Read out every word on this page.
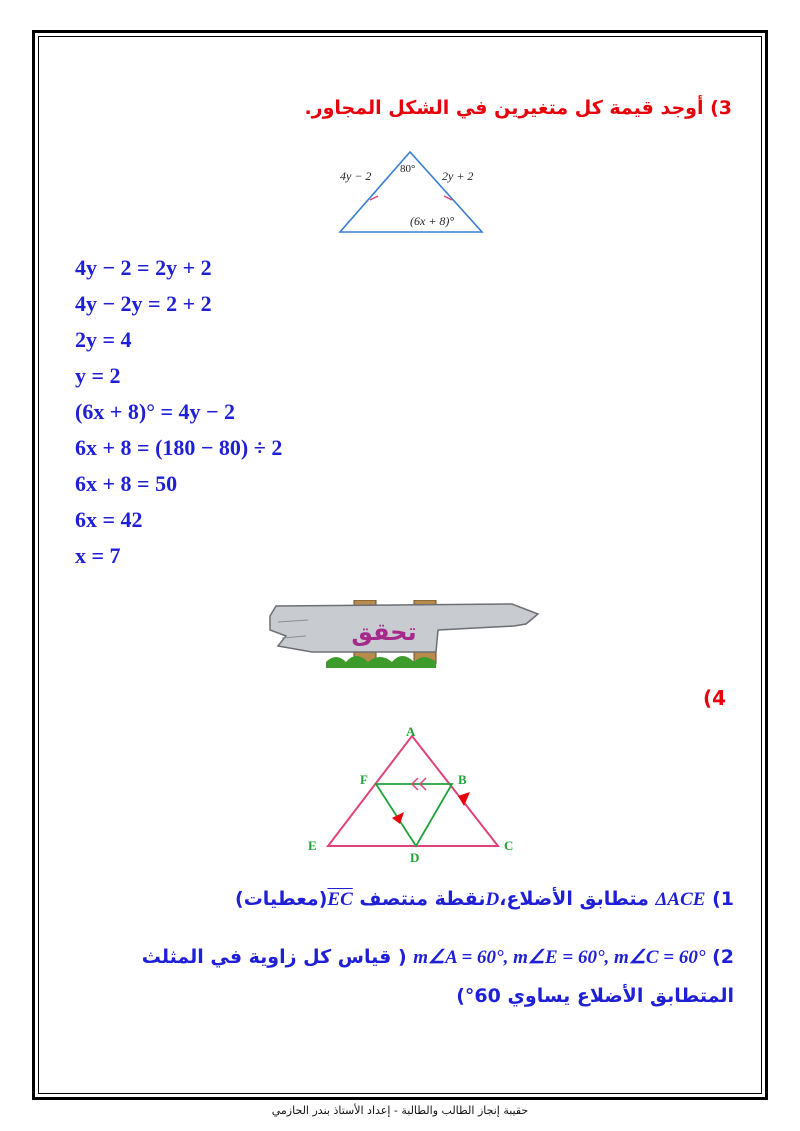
3) أوجد قيمة كل متغيرين في الشكل المجاور.
80°
4y − 2	2y + 2
(6x + 8)°
4y − 2 = 2y + 2
4y − 2y = 2 + 2
2y = 4
y = 2
(6x + 8)° = 4y − 2
6x + 8 = (180 − 80) ÷ 2
6x + 8 = 50
6x = 42
x = 7
تحقق
(4
A
B
C
D
E
F
1) ΔACE متطابق الأضلاع،Dنقطة منتصف $\overline{EC}(معطيات)$
2) m∠A = 60°, m∠E = 60°, m∠C = 60° ( قياس كل زاوية في المثلث المتطابق الأضلاع يساوي 60°)
حقيبة إنجاز الطالب والطالبة - إعداد الأستاذ بندر الحازمي
